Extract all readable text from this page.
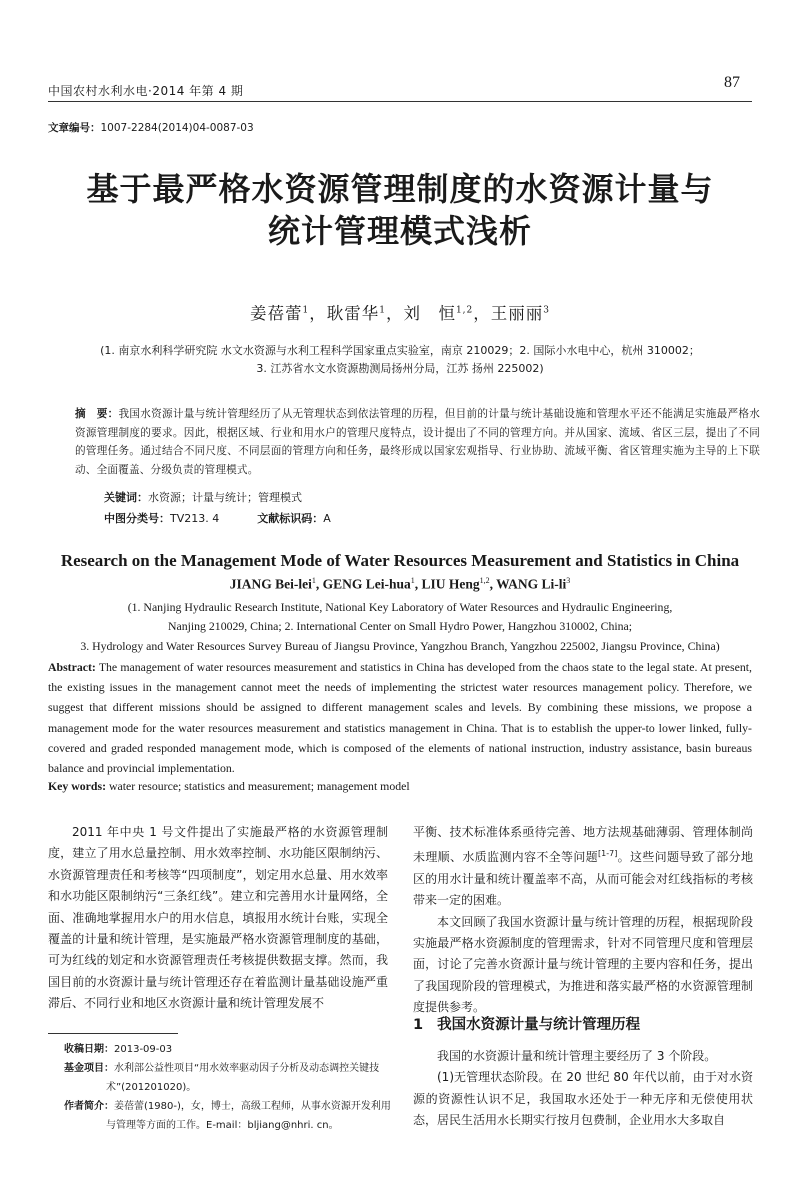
中国农村水利水电·2014 年第 4 期	87
文章编号：1007-2284(2014)04-0087-03
基于最严格水资源管理制度的水资源计量与
统计管理模式浅析
姜蓓蕾$^1$，耿雷华$^1$，刘　恒$^{1,2}$，王丽丽$^3$
(1. 南京水利科学研究院 水文水资源与水利工程科学国家重点实验室，南京 210029；2. 国际小水电中心，杭州 310002；
3. 江苏省水文水资源勘测局扬州分局，江苏 扬州 225002)
摘　要：我国水资源计量与统计管理经历了从无管理状态到依法管理的历程，但目前的计量与统计基础设施和管理水平还不能满足实施最严格水资源管理制度的要求。因此，根据区域、行业和用水户的管理尺度特点，设计提出了不同的管理方向。并从国家、流域、省区三层，提出了不同的管理任务。通过结合不同尺度、不同层面的管理方向和任务，最终形成以国家宏观指导、行业协助、流域平衡、省区管理实施为主导的上下联动、全面覆盖、分级负责的管理模式。
关键词：水资源；计量与统计；管理模式
中图分类号：TV213. 4	文献标识码：A
Research on the Management Mode of Water Resources Measurement and Statistics in China
JIANG Bei-lei$^1$, GENG Lei-hua$^1$, LIU Heng$^{1,2}$, WANG $Li-li^3$
(1. Nanjing Hydraulic Research Institute, National Key Laboratory of Water Resources and Hydraulic Engineering,
Nanjing 210029, China; 2. International Center on Small Hydro Power, Hangzhou 310002, China;
3. Hydrology and Water Resources Survey Bureau of Jiangsu Province, Yangzhou Branch, Yangzhou 225002, Jiangsu Province, China)
Abstract: The management of water resources measurement and statistics in China has developed from the chaos state to the legal state. At present, the existing issues in the management cannot meet the needs of implementing the strictest water resources management policy. Therefore, we suggest that different missions should be assigned to different management scales and levels. By combining these missions, we propose a management mode for the water resources measurement and statistics management in China. That is to establish the upper-to lower linked, fully-covered and graded responded management mode, which is composed of the elements of national instruction, industry assistance, basin bureaus balance and provincial implementation.
Key words: water resource; statistics and measurement; management model

2011 年中央 1 号文件提出了实施最严格的水资源管理制度，建立了用水总量控制、用水效率控制、水功能区限制纳污、水资源管理责任和考核等“四项制度”，划定用水总量、用水效率和水功能区限制纳污“三条红线”。建立和完善用水计量网络，全面、准确地掌握用水户的用水信息，填报用水统计台账，实现全覆盖的计量和统计管理，是实施最严格水资源管理制度的基础，可为红线的划定和水资源管理责任考核提供数据支撑。然而，我国目前的水资源计量与统计管理还存在着监测计量基础设施严重滞后、不同行业和地区水资源计量和统计管理发展不

收稿日期：2013-09-03
基金项目：水利部公益性项目“用水效率驱动因子分析及动态调控关键技术”(201201020)。
作者简介：姜蓓蕾(1980-)，女，博士，高级工程师，从事水资源开发利用与管理等方面的工作。E-mail：bljiang@nhri. cn。

平衡、技术标准体系亟待完善、地方法规基础薄弱、管理体制尚未理顺、水质监测内容不全等问题[1-7]。这些问题导致了部分地区的用水计量和统计覆盖率不高，从而可能会对红线指标的考核带来一定的困难。

本文回顾了我国水资源计量与统计管理的历程，根据现阶段实施最严格水资源制度的管理需求，针对不同管理尺度和管理层面，讨论了完善水资源计量与统计管理的主要内容和任务，提出了我国现阶段的管理模式，为推进和落实最严格的水资源管理制度提供参考。

1 我国水资源计量与统计管理历程

我国的水资源计量和统计管理主要经历了 3 个阶段。

(1)无管理状态阶段。在 20 世纪 80 年代以前，由于对水资源的资源性认识不足，我国取水还处于一种无序和无偿使用状态，居民生活用水长期实行按月包费制，企业用水大多取自
